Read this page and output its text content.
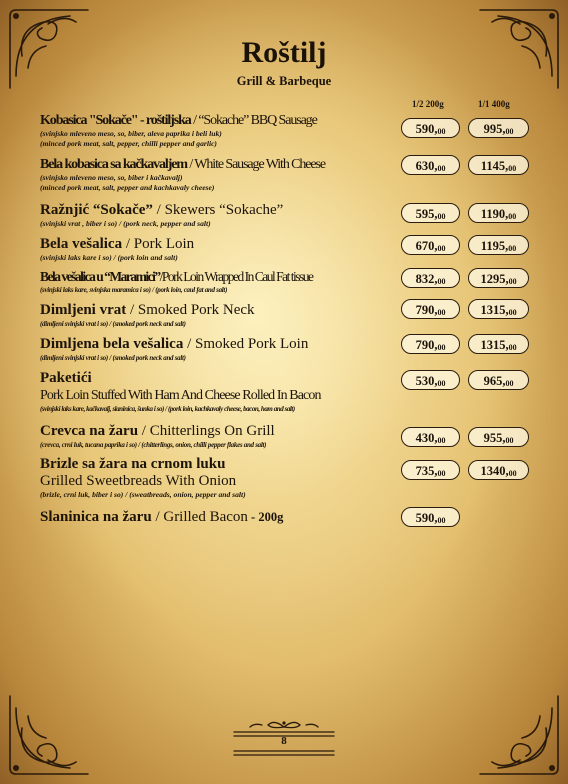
Roštilj
Grill & Barbeque
1/2 200g	1/1 400g
Kobasica "Sokače" - roštiljska / “Sokache” BBQ Sausage
(svinjsko mleveno meso, so, biber, aleva paprika i beli luk)
(minced pork meat, salt, pepper, chilli pepper and garlic)
$590,_{00}$	$995,_{00}$
Bela kobasica sa kačkavaljem / White Sausage With Cheese
(svinjsko mleveno meso, so, biber i kačkavalj)
(minced pork meat, salt, pepper and kachkavaly cheese)
$630,_{00}$	$1145,_{00}$
Ražnjić “Sokače” / Skewers “Sokache”
(svinjski vrat , biber i so) / (pork neck, pepper and salt)
$595,_{00}$	$1190,_{00}$
Bela vešalica / Pork Loin
(svinjski laks kare i so) / (pork loin and salt)
$670,_{00}$	$1195,_{00}$
Bela vešalica u “Maramici”/Pork Loin Wrapped In Caul Fat tissue
(svinjski laks kare, svinjska maramica i so) / (pork loin, caul fat and salt)
$832,_{00}$	$1295,_{00}$
Dimljeni vrat / Smoked Pork Neck
(dimljeni svinjski vrat i so) / (smoked pork neck and salt)
$790,_{00}$	$1315,_{00}$
Dimljena bela vešalica / Smoked Pork Loin
(dimljeni svinjski vrat i so) / (smoked pork neck and salt)
$790,_{00}$	$1315,_{00}$
Paketići
Pork Loin Stuffed With Ham And Cheese Rolled In Bacon
(svinjski laks kare, kačkavalj, slaninica, šunka i so) / (pork loin, kachkavaly cheese, bacon, ham and salt)
$530,_{00}$	$965,_{00}$
Crevca na žaru / Chitterlings On Grill
(crevca, crni luk, tucana paprika i so) / (chitterlings, onion, chilli pepper flakes and salt)	$430,_{00}$	$955,_{00}$
Brizle sa žara na crnom luku
Grilled Sweetbreads With Onion
(brizle, crni luk, biber i so) / (sweatbreads, onion, pepper and salt)
$735,_{00}$	$1340,_{00}$
Slaninica na žaru / Grilled Bacon - 200g	$590,_{00}$
8
